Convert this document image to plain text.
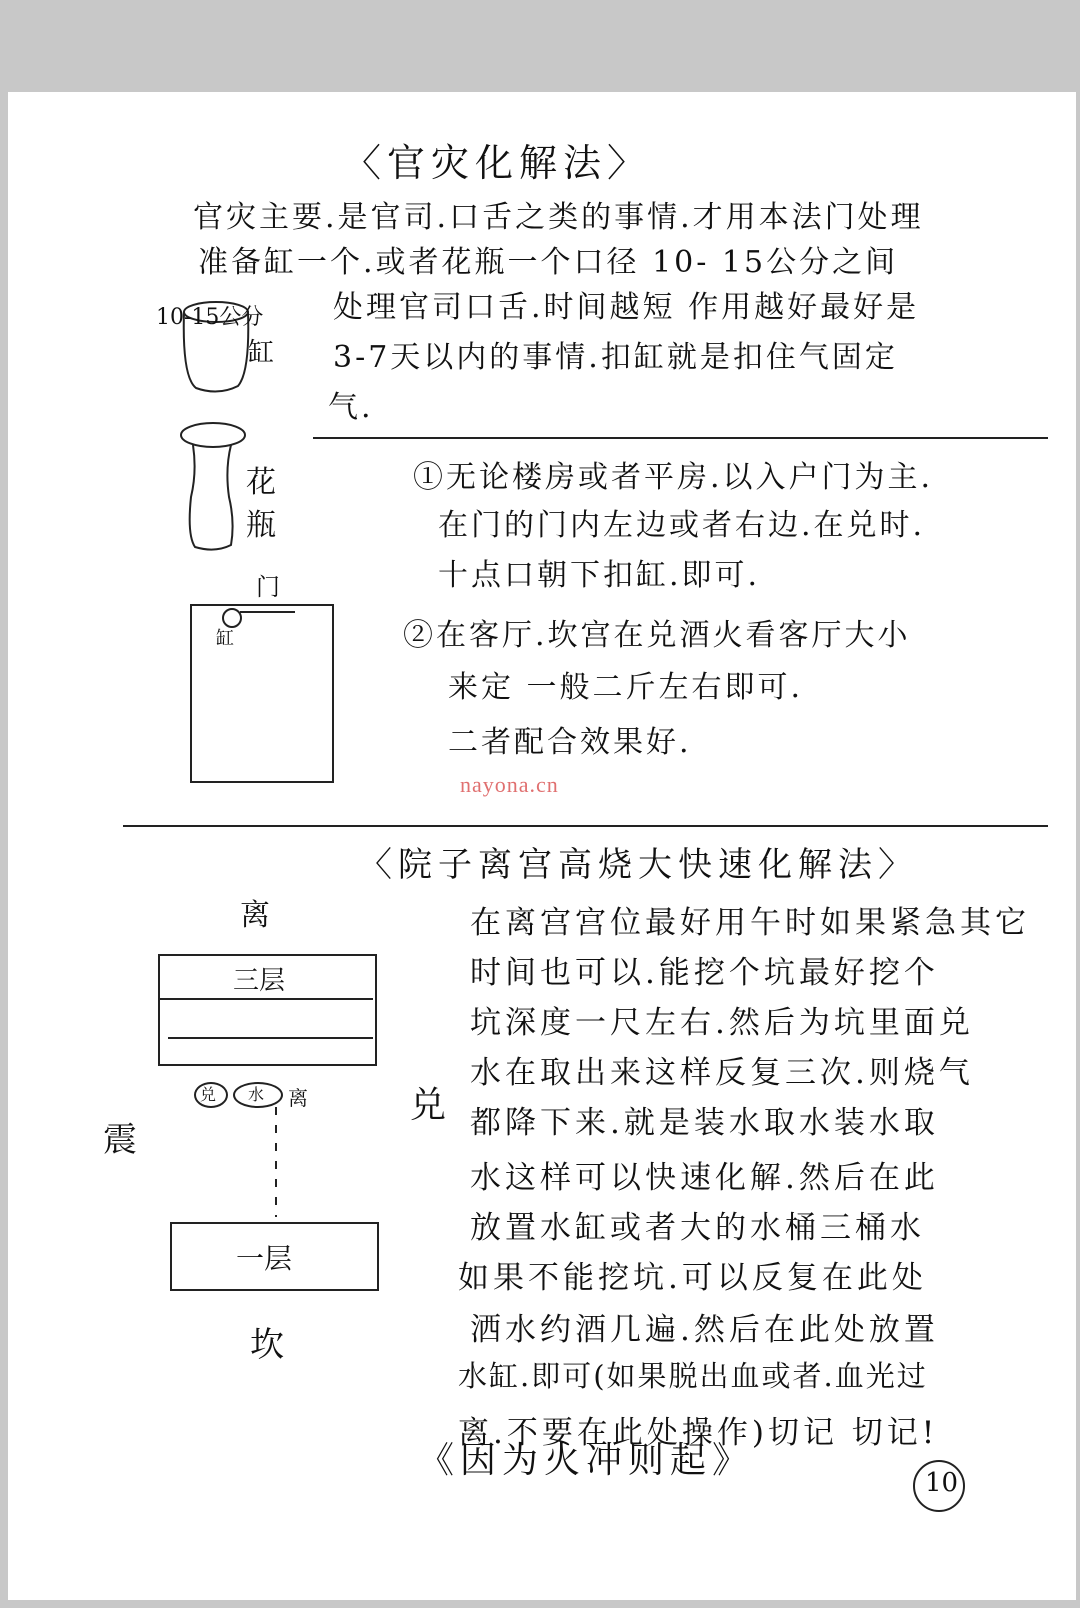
〈官灾化解法〉
官灾主要.是官司.口舌之类的事情.才用本法门处理
准备缸一个.或者花瓶一个口径 10- 15公分之间
10-15公分
缸
处理官司口舌.时间越短 作用越好最好是
3-7天以内的事情.扣缸就是扣住气固定
气.
花
瓶
①无论楼房或者平房.以入户门为主.
在门的门内左边或者右边.在兑时.
十点口朝下扣缸.即可.
门
缸	②在客厅.坎宫在兑酒火看客厅大小
来定 一般二斤左右即可.
二者配合效果好.
nayona.cn
〈院子离宫高烧大快速化解法〉
离
三层
兑 水 离
震
兑
一层
坎
在离宫宫位最好用午时如果紧急其它
时间也可以.能挖个坑最好挖个
坑深度一尺左右.然后为坑里面兑
水在取出来这样反复三次.则烧气
都降下来.就是装水取水装水取
水这样可以快速化解.然后在此
放置水缸或者大的水桶三桶水
如果不能挖坑.可以反复在此处
洒水约酒几遍.然后在此处放置
水缸.即可(如果脱出血或者.血光过
离.不要在此处操作)切记 切记!
《因为火冲则起》
10
